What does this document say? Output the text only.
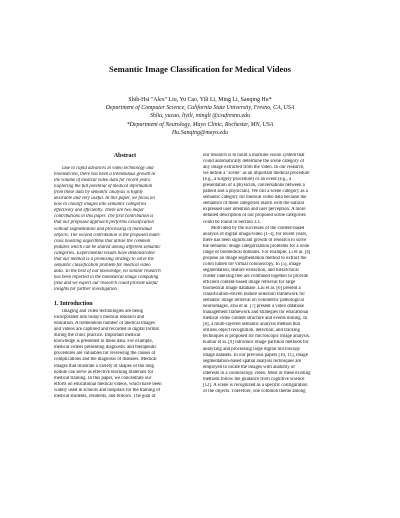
Semantic Image Classification for Medical Videos
Shih-Hsi "Alex" Liu, Yu Cao, Yili Li, Ming Li, Sanqing Hu*
Department of Computer Science, California State University, Fresno, CA, USA
Shliu, yucao, liyili, mingli @csufresno.edu
*Department of Neurology, Mayo Clinic, Rochester, MN, USA
Hu.Sanqing@mayo.edu
Abstract
Due to rapid advances in video technology and
biomedicine, there has been a tremendous growth in
the volume of medical video data for recent years.
Exploring the full potential of medical information
from these data by semantic analysis is highly
desirable and very useful. In this paper, we focus on
how to classify images into semantic categories
effectively and efficiently. There are two major
contributions in this paper. The first contribution is
that our proposed approach performs classification
without segmentation and processing of individual
objects. The second contribution is the proposed multi-
class boosting algorithms that utilize the common
features which can be shared among different semantic
categories. Experimental results have demonstrated
that our method is a promising strategy to solve the
semantic classification problem for medical video
data. To the best of our knowledge, no similar research
has been reported in the biomedical image computing
field and we expect our research could provide useful
insights for further investigation.
1. Introduction
Imaging and video technologies are being
incorporated into today's medical research and
education. A tremendous number of medical images
and videos are captured and recorded in digital format
during the clinic practice. Important medical
knowledge is presented in these data. For example,
medical videos presenting diagnostic and therapeutic
procedures are valuables for reviewing the causes of
complications and the diagnosis of diseases. Medical
images that illustrate a variety of shapes of the lung
nodule can serve as effective teaching materials for
medical training. In this paper, we concentrate our
efforts on educational medical videos, which have been
widely used in schools and hospitals for the training of
medical students, residents, and fellows. The goal of
our research is to build a machine vision system that
could automatically determine the scene category of
any image extracted from the video. In our research,
we define a "scene" as an important medical procedure
(e.g., a surgery procedure) or an event (e.g., a
presentation of a physician, conversations between a
patient and a physician). We call a scene category as a
semantic category for medical video data because the
semantics of these categories match with the natural
expressed user intention and user perception. A more
detailed description of our proposed scene categories
could be found in Section 3.1.
Motivated by the successes of the content-based
analysis of digital image/video [1-3], for recent years,
there has been significant growth of research to solve
the semantic image categorization problems for a wide
range of biomedical domains. For example, Li et al. [4]
propose an image segmentation method to extract the
colon lumen for virtual colonoscopy. In [5], image
segmentation, feature extraction, and hierarchical
cluster indexing tree are combined together to provide
efficient content-based image retrieval for large
biomedical image database. Liu et al. [6] present a
classification-driven feature selection framework for
semantic image retrieval on volumetric pathological
neuroimages. Zhu et al. [7] present a video database
management framework and strategies for educational
medical video content structure and events mining. In
[8], a multi-layered semantic analysis method that
utilizes object recognition, detection, and tracking
techniques is proposed for microscopic image analysis.
Kumar et al. [9] introduce image partition methods for
analyzing and processing large digital microscopy
image datasets. In our previous papers [10, 11], image
segmentation-based spatial analysis techniques are
employed to locate the images with anatomy of
interests in a colonoscopy video. Most of these existing
methods follow the guidance from cognitive science
[12]. A scene is recognized as a specific configuration
of the objects. Therefore, one common theme among
